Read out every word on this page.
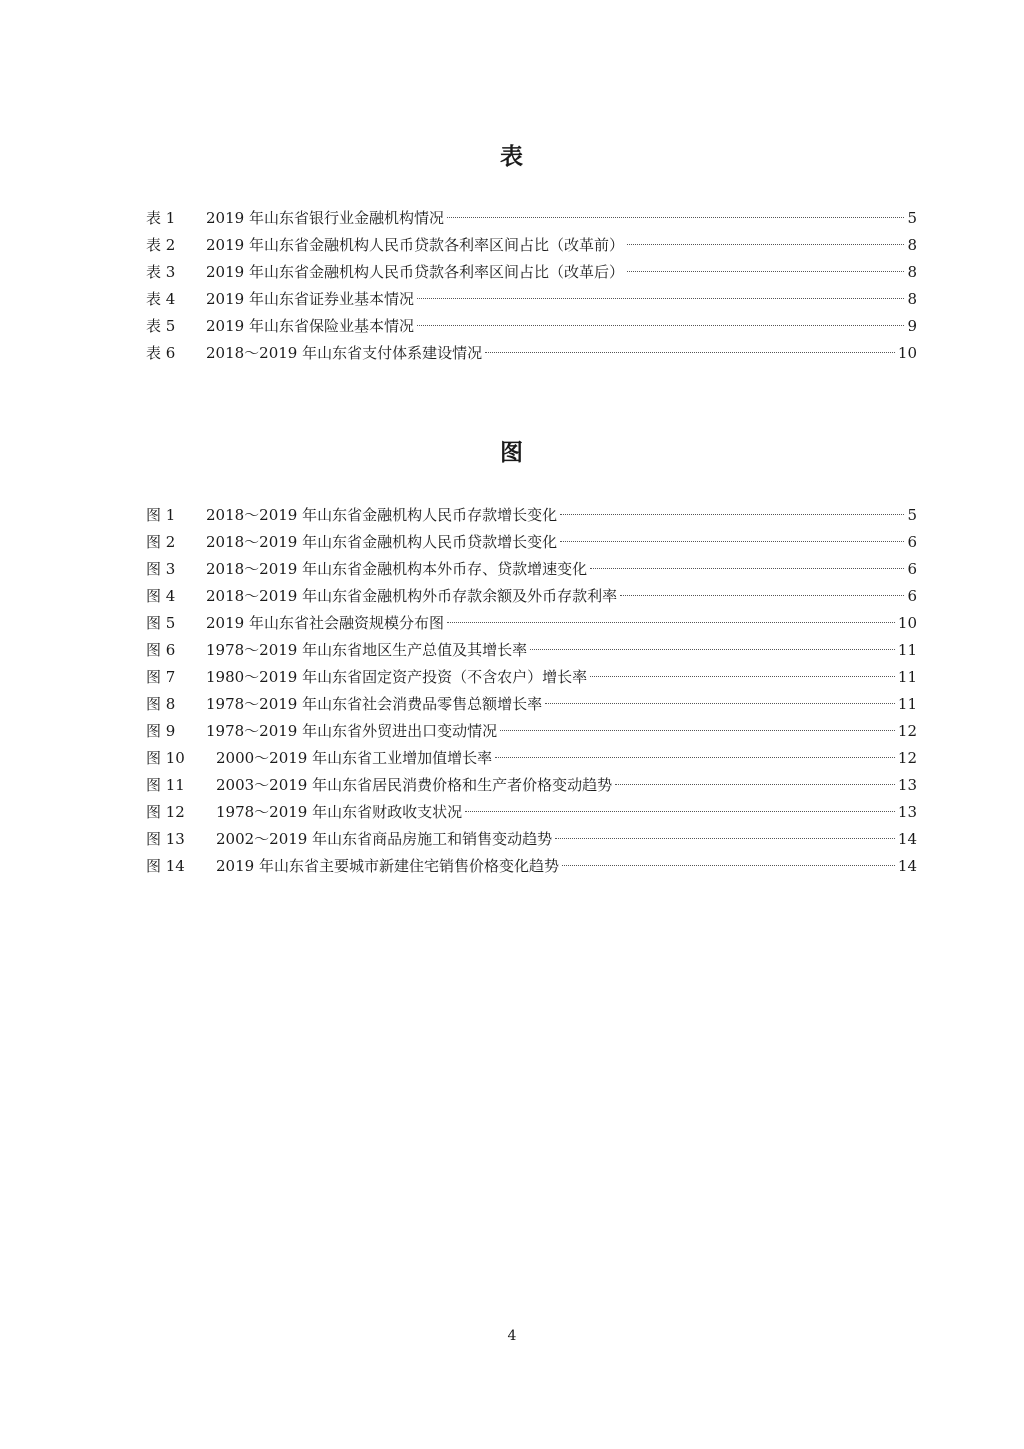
表
表 1	2019 年山东省银行业金融机构情况	5
表 2	2019 年山东省金融机构人民币贷款各利率区间占比（改革前）	8
表 3	2019 年山东省金融机构人民币贷款各利率区间占比（改革后）	8
表 4	2019 年山东省证券业基本情况	8
表 5	2019 年山东省保险业基本情况	9
表 6	2018～2019 年山东省支付体系建设情况	10
图
图 1	2018～2019 年山东省金融机构人民币存款增长变化	5
图 2	2018～2019 年山东省金融机构人民币贷款增长变化	6
图 3	2018～2019 年山东省金融机构本外币存、贷款增速变化	6
图 4	2018～2019 年山东省金融机构外币存款余额及外币存款利率	6
图 5	2019 年山东省社会融资规模分布图	10
图 6	1978～2019 年山东省地区生产总值及其增长率	11
图 7	1980～2019 年山东省固定资产投资（不含农户）增长率	11
图 8	1978～2019 年山东省社会消费品零售总额增长率	11
图 9	1978～2019 年山东省外贸进出口变动情况	12
图 10	2000～2019 年山东省工业增加值增长率	12
图 11	2003～2019 年山东省居民消费价格和生产者价格变动趋势	13
图 12	1978～2019 年山东省财政收支状况	13
图 13	2002～2019 年山东省商品房施工和销售变动趋势	14
图 14	2019 年山东省主要城市新建住宅销售价格变化趋势	14
4
